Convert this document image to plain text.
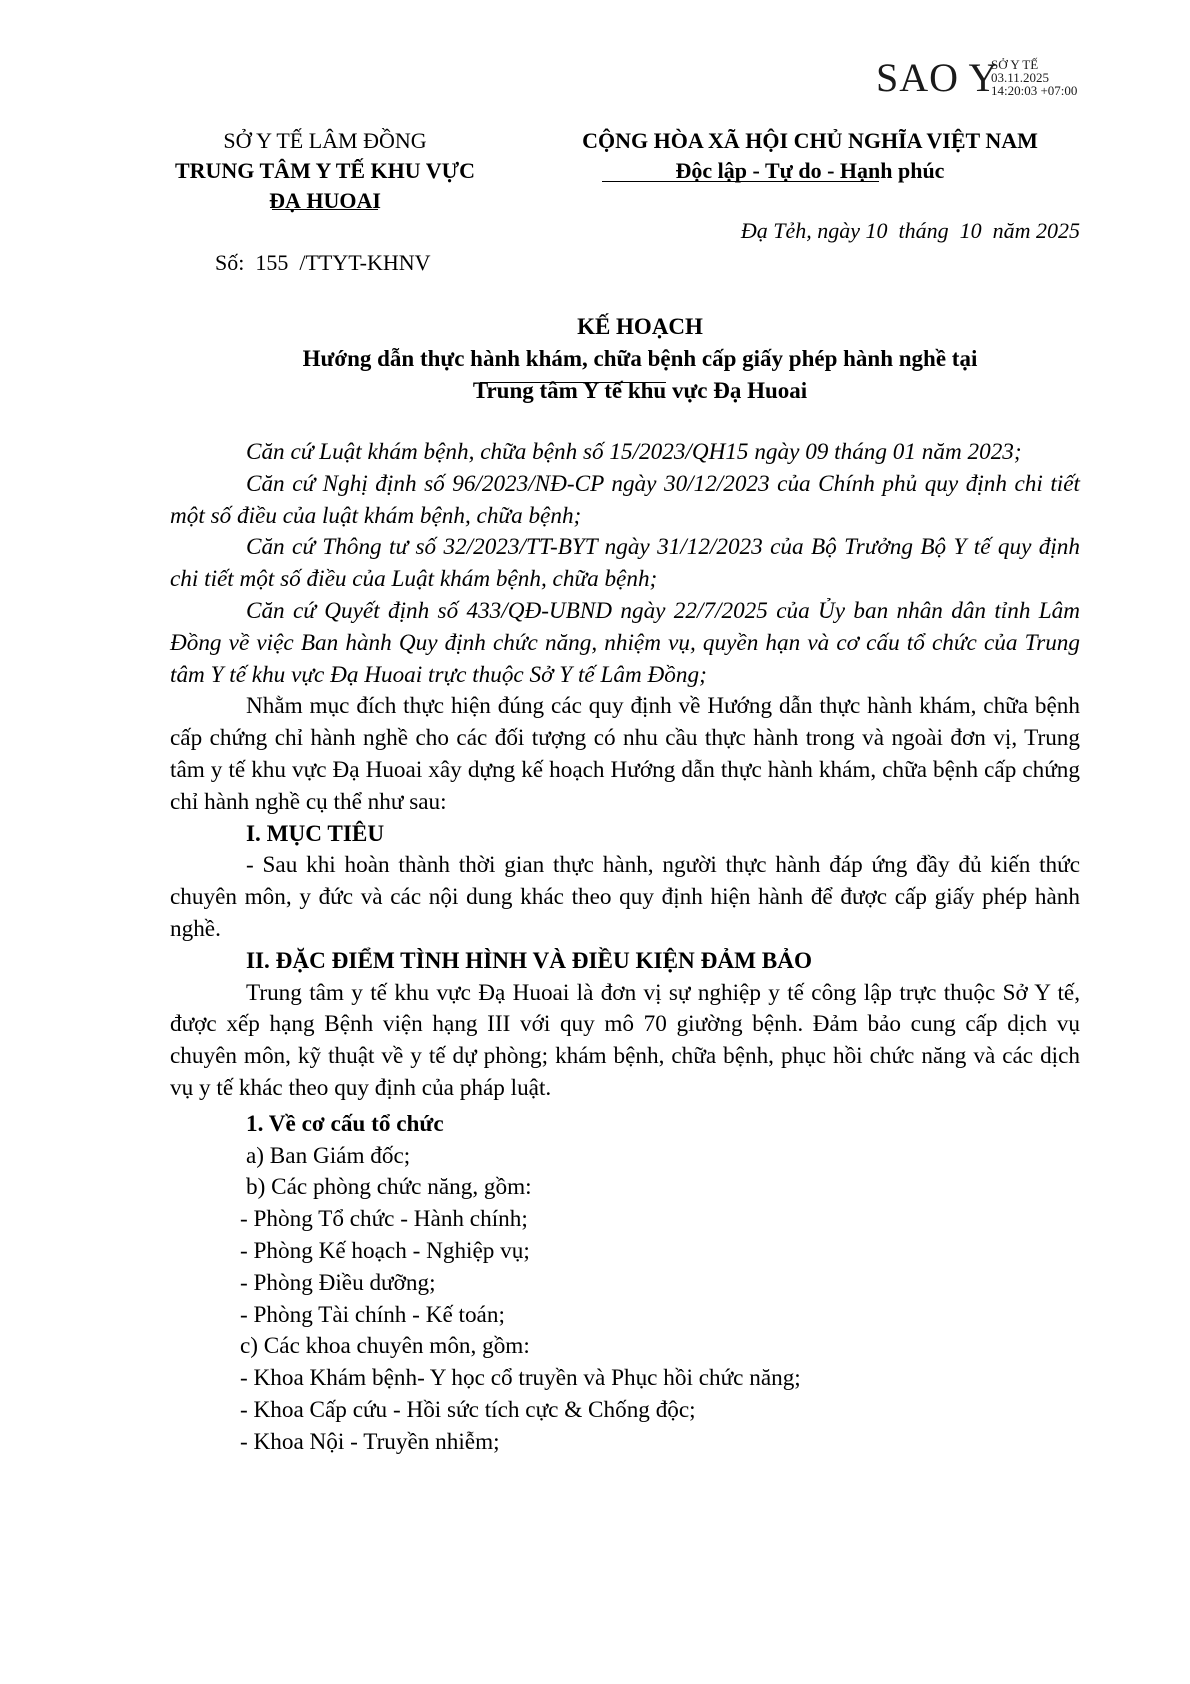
SAO Y
SỞ Y TẾ
03.11.2025
14:20:03 +07:00
SỞ Y TẾ LÂM ĐỒNG
TRUNG TÂM Y TẾ KHU VỰC
ĐẠ HUOAI
Số:  155  /TTYT-KHNV
CỘNG HÒA XÃ HỘI CHỦ NGHĨA VIỆT NAM
Độc lập - Tự do - Hạnh phúc
Đạ Tẻh, ngày 10  tháng  10  năm 2025
KẾ HOẠCH
Hướng dẫn thực hành khám, chữa bệnh cấp giấy phép hành nghề tại
Trung tâm Y tế khu vực Đạ Huoai

Căn cứ Luật khám bệnh, chữa bệnh số 15/2023/QH15 ngày 09 tháng 01 năm 2023;

Căn cứ Nghị định số 96/2023/NĐ-CP ngày 30/12/2023 của Chính phủ quy định chi tiết một số điều của luật khám bệnh, chữa bệnh;

Căn cứ Thông tư số 32/2023/TT-BYT ngày 31/12/2023 của Bộ Trưởng Bộ Y tế quy định chi tiết một số điều của Luật khám bệnh, chữa bệnh;

Căn cứ Quyết định số 433/QĐ-UBND ngày 22/7/2025 của Ủy ban nhân dân tỉnh Lâm Đồng về việc Ban hành Quy định chức năng, nhiệm vụ, quyền hạn và cơ cấu tổ chức của Trung tâm Y tế khu vực Đạ Huoai trực thuộc Sở Y tế Lâm Đồng;

Nhằm mục đích thực hiện đúng các quy định về Hướng dẫn thực hành khám, chữa bệnh cấp chứng chỉ hành nghề cho các đối tượng có nhu cầu thực hành trong và ngoài đơn vị, Trung tâm y tế khu vực Đạ Huoai xây dựng kế hoạch Hướng dẫn thực hành khám, chữa bệnh cấp chứng chỉ hành nghề cụ thể như sau:

I. MỤC TIÊU

- Sau khi hoàn thành thời gian thực hành, người thực hành đáp ứng đầy đủ kiến thức chuyên môn, y đức và các nội dung khác theo quy định hiện hành để được cấp giấy phép hành nghề.

II. ĐẶC ĐIỂM TÌNH HÌNH VÀ ĐIỀU KIỆN ĐẢM BẢO

Trung tâm y tế khu vực Đạ Huoai là đơn vị sự nghiệp y tế công lập trực thuộc Sở Y tế, được xếp hạng Bệnh viện hạng III với quy mô 70 giường bệnh. Đảm bảo cung cấp dịch vụ chuyên môn, kỹ thuật về y tế dự phòng; khám bệnh, chữa bệnh, phục hồi chức năng và các dịch vụ y tế khác theo quy định của pháp luật.

1. Về cơ cấu tổ chức

a) Ban Giám đốc;

b) Các phòng chức năng, gồm:

- Phòng Tổ chức - Hành chính;

- Phòng Kế hoạch - Nghiệp vụ;

- Phòng Điều dưỡng;

- Phòng Tài chính - Kế toán;

c) Các khoa chuyên môn, gồm:

- Khoa Khám bệnh- Y học cổ truyền và Phục hồi chức năng;

- Khoa Cấp cứu - Hồi sức tích cực & Chống độc;

- Khoa Nội - Truyền nhiễm;
